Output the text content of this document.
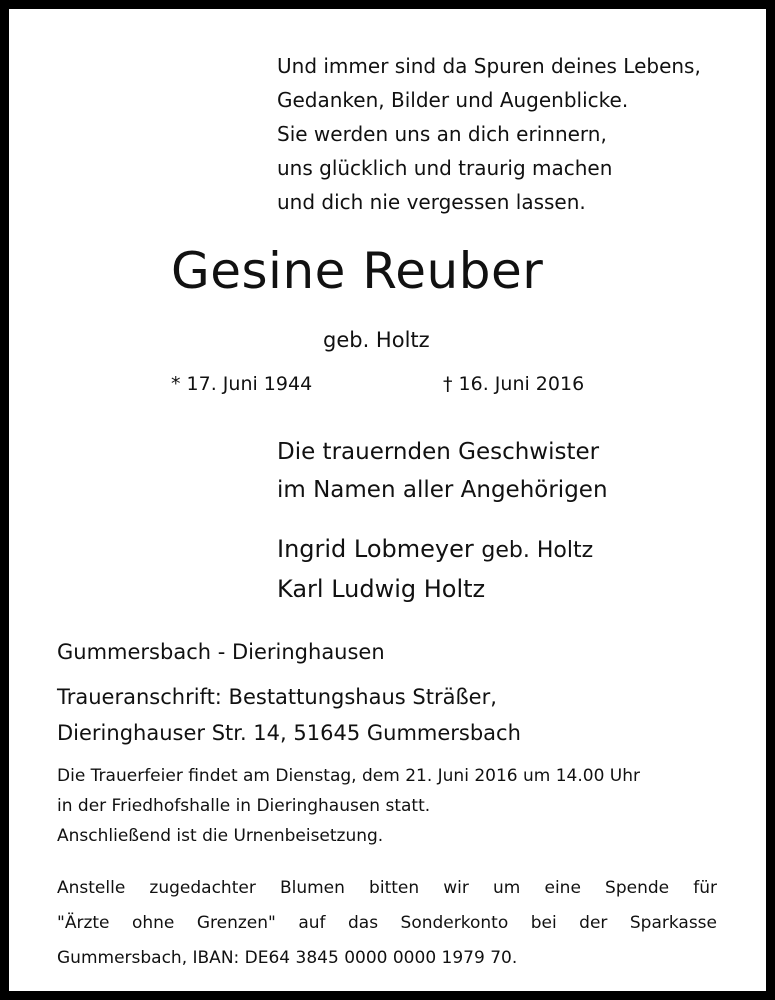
Und immer sind da Spuren deines Lebens,
Gedanken, Bilder und Augenblicke.
Sie werden uns an dich erinnern,
uns glücklich und traurig machen
und dich nie vergessen lassen.
Gesine Reuber
geb. Holtz
* 17. Juni 1944	† 16. Juni 2016
Die trauernden Geschwister
im Namen aller Angehörigen
Ingrid Lobmeyer geb. Holtz
Karl Ludwig Holtz
Gummersbach - Dieringhausen
Traueranschrift: Bestattungshaus Sträßer,
Dieringhauser Str. 14, 51645 Gummersbach
Die Trauerfeier findet am Dienstag, dem 21. Juni 2016 um 14.00 Uhr
in der Friedhofshalle in Dieringhausen statt.
Anschließend ist die Urnenbeisetzung.
Anstelle zugedachter Blumen bitten wir um eine Spende für
"Ärzte ohne Grenzen" auf das Sonderkonto bei der Sparkasse
Gummersbach, IBAN: DE64 3845 0000 0000 1979 70.
